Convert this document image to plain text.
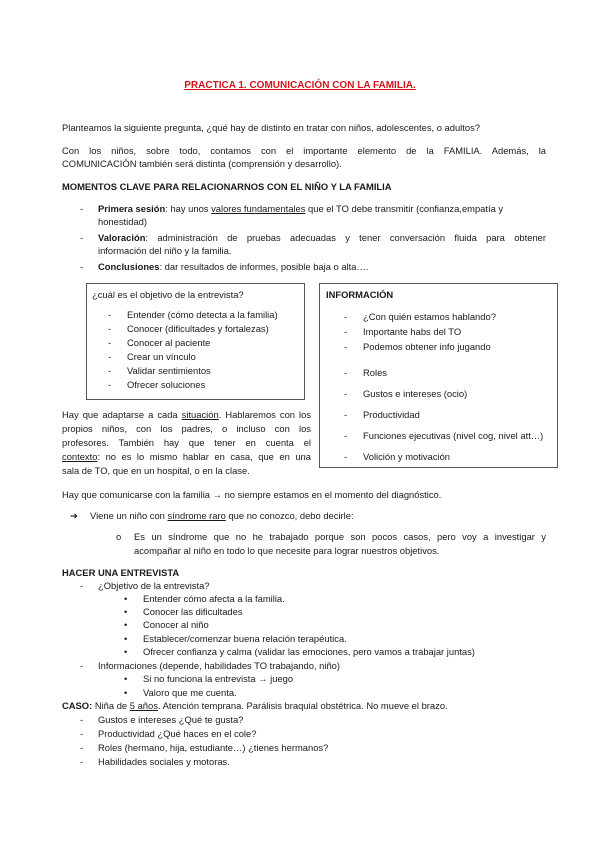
PRACTICA 1. COMUNICACIÓN CON LA FAMILIA.
Planteamos la siguiente pregunta, ¿qué hay de distinto en tratar con niños, adolescentes, o adultos?
Con los niños, sobre todo, contamos con el importante elemento de la FAMILIA. Además, la
COMUNICACIÓN también será distinta (comprensión y desarrollo).
MOMENTOS CLAVE PARA RELACIONARNOS CON EL NIÑO Y LA FAMILIA
- Primera sesión: hay unos valores fundamentales que el TO debe transmitir (confianza,empatía y
honestidad)
- Valoración: administración de pruebas adecuadas y tener conversación fluida para obtener
información del niño y la familia.
- Conclusiones: dar resultados de informes, posible baja o alta….
¿cuál es el objetivo de la entrevista?
- Entender (cómo detecta a la familia)
- Conocer (dificultades y fortalezas)
- Conocer al paciente
- Crear un vínculo
- Validar sentimientos
- Ofrecer soluciones
INFORMACIÓN
- ¿Con quién estamos hablando?
- Importante habs del TO
- Podemos obtener info jugando
- Roles
- Gustos e intereses (ocio)
- Productividad
- Funciones ejecutivas (nivel cog, nivel att…)
- Volición y motivación
Hay que adaptarse a cada situación. Hablaremos con los
propios niños, con los padres, o incluso con los
profesores. También hay que tener en cuenta el
contexto: no es lo mismo hablar en casa, que en una
sala de TO, que en un hospital, o en la clase.
Hay que comunicarse con la familia → no siempre estamos en el momento del diagnóstico.
➔ Viene un niño con síndrome raro que no conozco, debo decirle:
o Es un síndrome que no he trabajado porque son pocos casos, pero voy a investigar y
acompañar al niño en todo lo que necesite para lograr nuestros objetivos.
HACER UNA ENTREVISTA
- ¿Objetivo de la entrevista?
• Entender cómo afecta a la familia.
• Conocer las dificultades
• Conocer al niño
• Establecer/comenzar buena relación terapéutica.
• Ofrecer confianza y calma (validar las emociones, pero vamos a trabajar juntas)
- Informaciones (depende, habilidades TO trabajando, niño)
• Si no funciona la entrevista → juego
• Valoro que me cuenta.
CASO: Niña de 5 años. Atención temprana. Parálisis braquial obstétrica. No mueve el brazo.
- Gustos e intereses ¿Qué te gusta?
- Productividad ¿Qué haces en el cole?
- Roles (hermano, hija, estudiante…) ¿tienes hermanos?
- Habilidades sociales y motoras.
